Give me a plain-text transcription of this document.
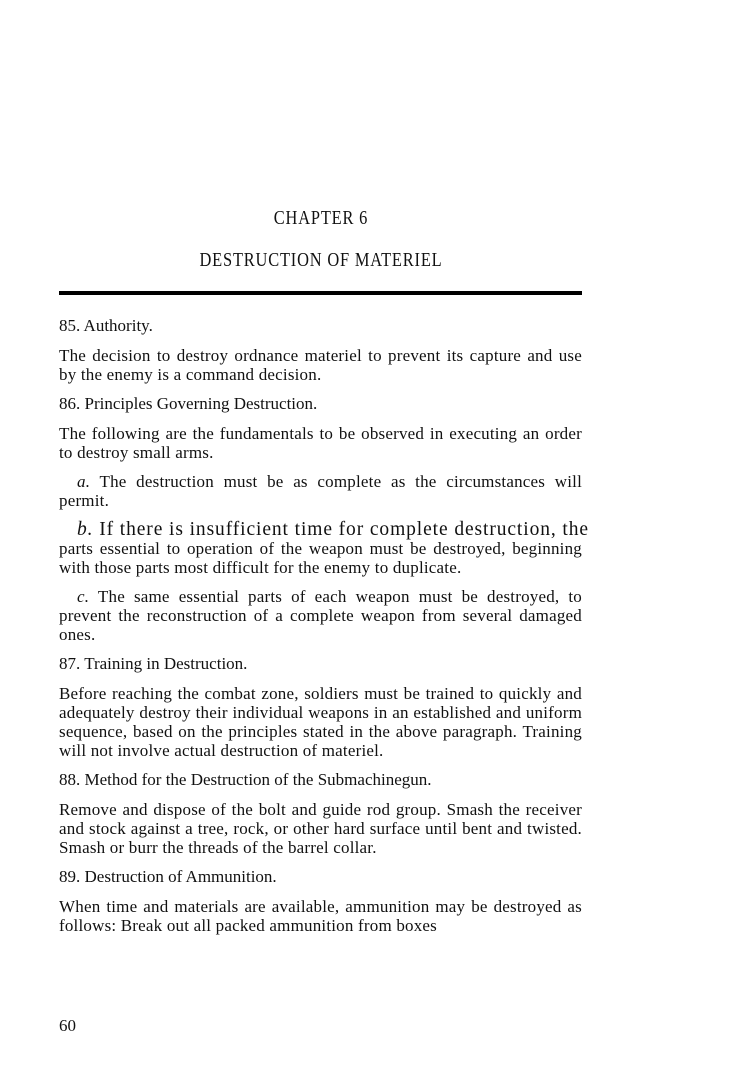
CHAPTER 6
DESTRUCTION OF MATERIEL
85. Authority.

The decision to destroy ordnance materiel to prevent its capture and use by the enemy is a command decision.

86. Principles Governing Destruction.

The following are the fundamentals to be observed in executing an order to destroy small arms.

a. The destruction must be as complete as the circumstances will permit.

b. If there is insufficient time for complete destruction, the
parts essential to operation of the weapon must be destroyed, beginning with those parts most difficult for the enemy to duplicate.

c. The same essential parts of each weapon must be destroyed, to prevent the reconstruction of a complete weapon from several damaged ones.

87. Training in Destruction.

Before reaching the combat zone, soldiers must be trained to quickly and adequately destroy their individual weapons in an established and uniform sequence, based on the principles stated in the above paragraph. Training will not involve actual destruction of materiel.

88. Method for the Destruction of the Submachinegun.

Remove and dispose of the bolt and guide rod group. Smash the receiver and stock against a tree, rock, or other hard surface until bent and twisted. Smash or burr the threads of the barrel collar.

89. Destruction of Ammunition.

When time and materials are available, ammunition may be destroyed as follows: Break out all packed ammunition from boxes

60
